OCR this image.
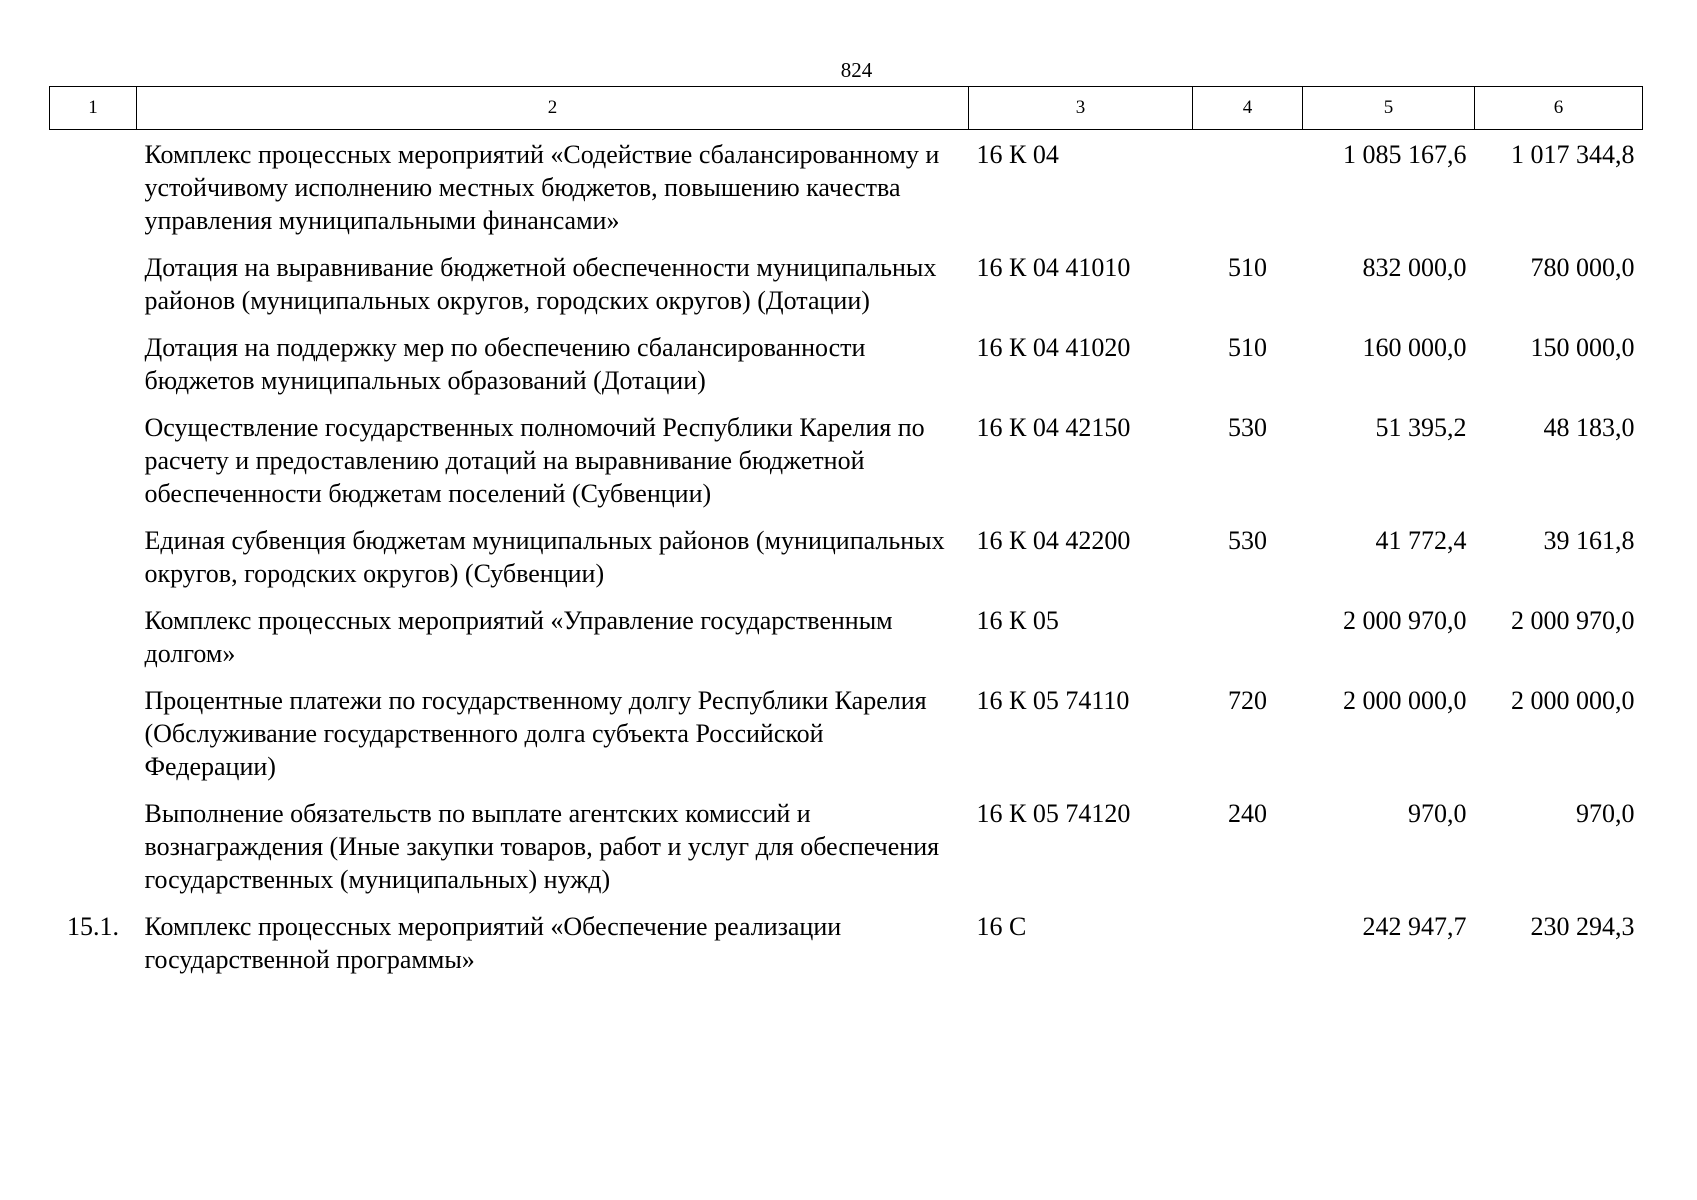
824
1	2	3	4	5	6
	Комплекс процессных мероприятий «Содействие сбалансированному и устойчивому исполнению местных бюджетов, повышению качества управления муниципальными финансами»	16 К 04		1 085 167,6	1 017 344,8
	Дотация на выравнивание бюджетной обеспеченности муниципальных районов (муниципальных округов, городских округов) (Дотации)	16 К 04 41010	510	832 000,0	780 000,0
	Дотация на поддержку мер по обеспечению сбалансированности бюджетов муниципальных образований (Дотации)	16 К 04 41020	510	160 000,0	150 000,0
	Осуществление государственных полномочий Республики Карелия по расчету и предоставлению дотаций на выравнивание бюджетной обеспеченности бюджетам поселений (Субвенции)	16 К 04 42150	530	51 395,2	48 183,0
	Единая субвенция бюджетам муниципальных районов (муниципальных округов, городских округов) (Субвенции)	16 К 04 42200	530	41 772,4	39 161,8
	Комплекс процессных мероприятий «Управление государственным долгом»	16 К 05		2 000 970,0	2 000 970,0
	Процентные платежи по государственному долгу Республики Карелия (Обслуживание государственного долга субъекта Российской Федерации)	16 К 05 74110	720	2 000 000,0	2 000 000,0
	Выполнение обязательств по выплате агентских комиссий и вознаграждения (Иные закупки товаров, работ и услуг для обеспечения государственных (муниципальных) нужд)	16 К 05 74120	240	970,0	970,0
15.1.	Комплекс процессных мероприятий «Обеспечение реализации государственной программы»	16 С		242 947,7	230 294,3
